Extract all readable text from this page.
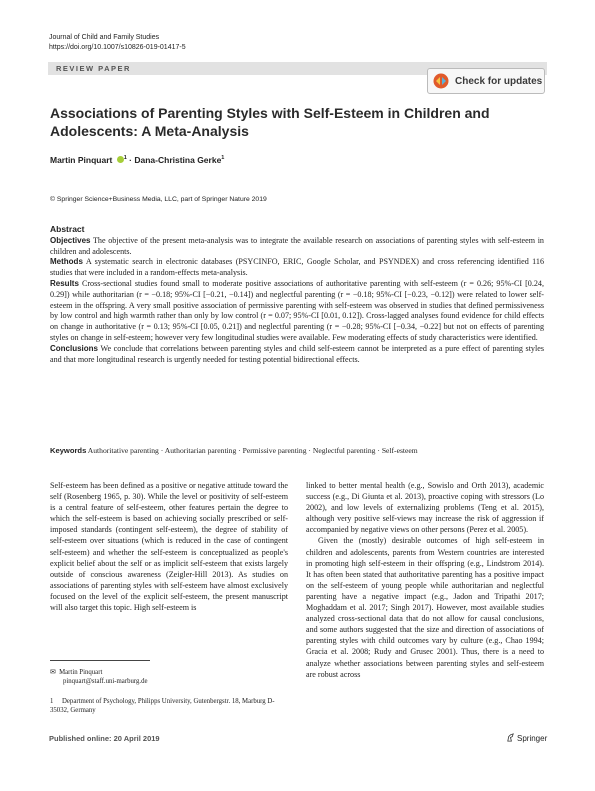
Journal of Child and Family Studies
https://doi.org/10.1007/s10826-019-01417-5
REVIEW PAPER
Check for updates
Associations of Parenting Styles with Self-Esteem in Children and Adolescents: A Meta-Analysis
Martin Pinquart $^1$ · Dana-Christina Gerke$^1$
© Springer Science+Business Media, LLC, part of Springer Nature 2019
Abstract

Objectives The objective of the present meta-analysis was to integrate the available research on associations of parenting styles with self-esteem in children and adolescents.

Methods A systematic search in electronic databases (PSYCINFO, ERIC, Google Scholar, and PSYNDEX) and cross referencing identified 116 studies that were included in a random-effects meta-analysis.

Results Cross-sectional studies found small to moderate positive associations of authoritative parenting with self-esteem (r = 0.26; 95%-CI [0.24, 0.29]) while authoritarian (r = −0.18; 95%-CI [−0.21, −0.14]) and neglectful parenting (r = −0.18; 95%-CI [−0.23, −0.12]) were related to lower self-esteem in the offspring. A very small positive association of permissive parenting with self-esteem was observed in studies that defined permissiveness by low control and high warmth rather than only by low control (r = 0.07; 95%-CI [0.01, 0.12]). Cross-lagged analyses found evidence for child effects on change in authoritative (r = 0.13; 95%-CI [0.05, 0.21]) and neglectful parenting (r = −0.28; 95%-CI [−0.34, −0.22] but not on effects of parenting styles on change in self-esteem; however very few longitudinal studies were available. Few moderating effects of study characteristics were identified.

Conclusions We conclude that correlations between parenting styles and child self-esteem cannot be interpreted as a pure effect of parenting styles and that more longitudinal research is urgently needed for testing potential bidirectional effects.

Keywords Authoritative parenting · Authoritarian parenting · Permissive parenting · Neglectful parenting · Self-esteem

Self-esteem has been defined as a positive or negative attitude toward the self (Rosenberg 1965, p. 30). While the level or positivity of self-esteem is a central feature of self-esteem, other features pertain the degree to which the self-esteem is based on achieving socially prescribed or self-imposed standards (contingent self-esteem), the degree of stability of self-esteem over situations (which is reduced in the case of contingent self-esteem) and whether the self-esteem is conceptualized as people's explicit belief about the self or as implicit self-esteem that exists largely outside of conscious awareness (Zeigler-Hill 2013). As studies on associations of parenting styles with self-esteem have almost exclusively focused on the level of the explicit self-esteem, the present manuscript will also target this topic. High self-esteem is

linked to better mental health (e.g., Sowislo and Orth 2013), academic success (e.g., Di Giunta et al. 2013), proactive coping with stressors (Lo 2002), and low levels of externalizing problems (Teng et al. 2015), although very positive self-views may increase the risk of aggression if accompanied by negative views on other persons (Perez et al. 2005).

Given the (mostly) desirable outcomes of high self-esteem in children and adolescents, parents from Western countries are interested in promoting high self-esteem in their offspring (e.g., Lindstrom 2014). It has often been stated that authoritative parenting has a positive impact on the self-esteem of young people while authoritarian and neglectful parenting have a negative impact (e.g., Jadon and Tripathi 2017; Moghaddam et al. 2017; Singh 2017). However, most available studies analyzed cross-sectional data that do not allow for causal conclusions, and some authors suggested that the size and direction of associations of parenting styles with child outcomes vary by culture (e.g., Chao 1994; Gracia et al. 2008; Rudy and Grusec 2001). Thus, there is a need to analyze whether associations between parenting styles and self-esteem are robust across

✉ Martin Pinquart
pinquart@staff.uni-marburg.de
1 Department of Psychology, Philipps University, Gutenbergstr. 18, Marburg D-35032, Germany
Published online: 20 April 2019	Springer
